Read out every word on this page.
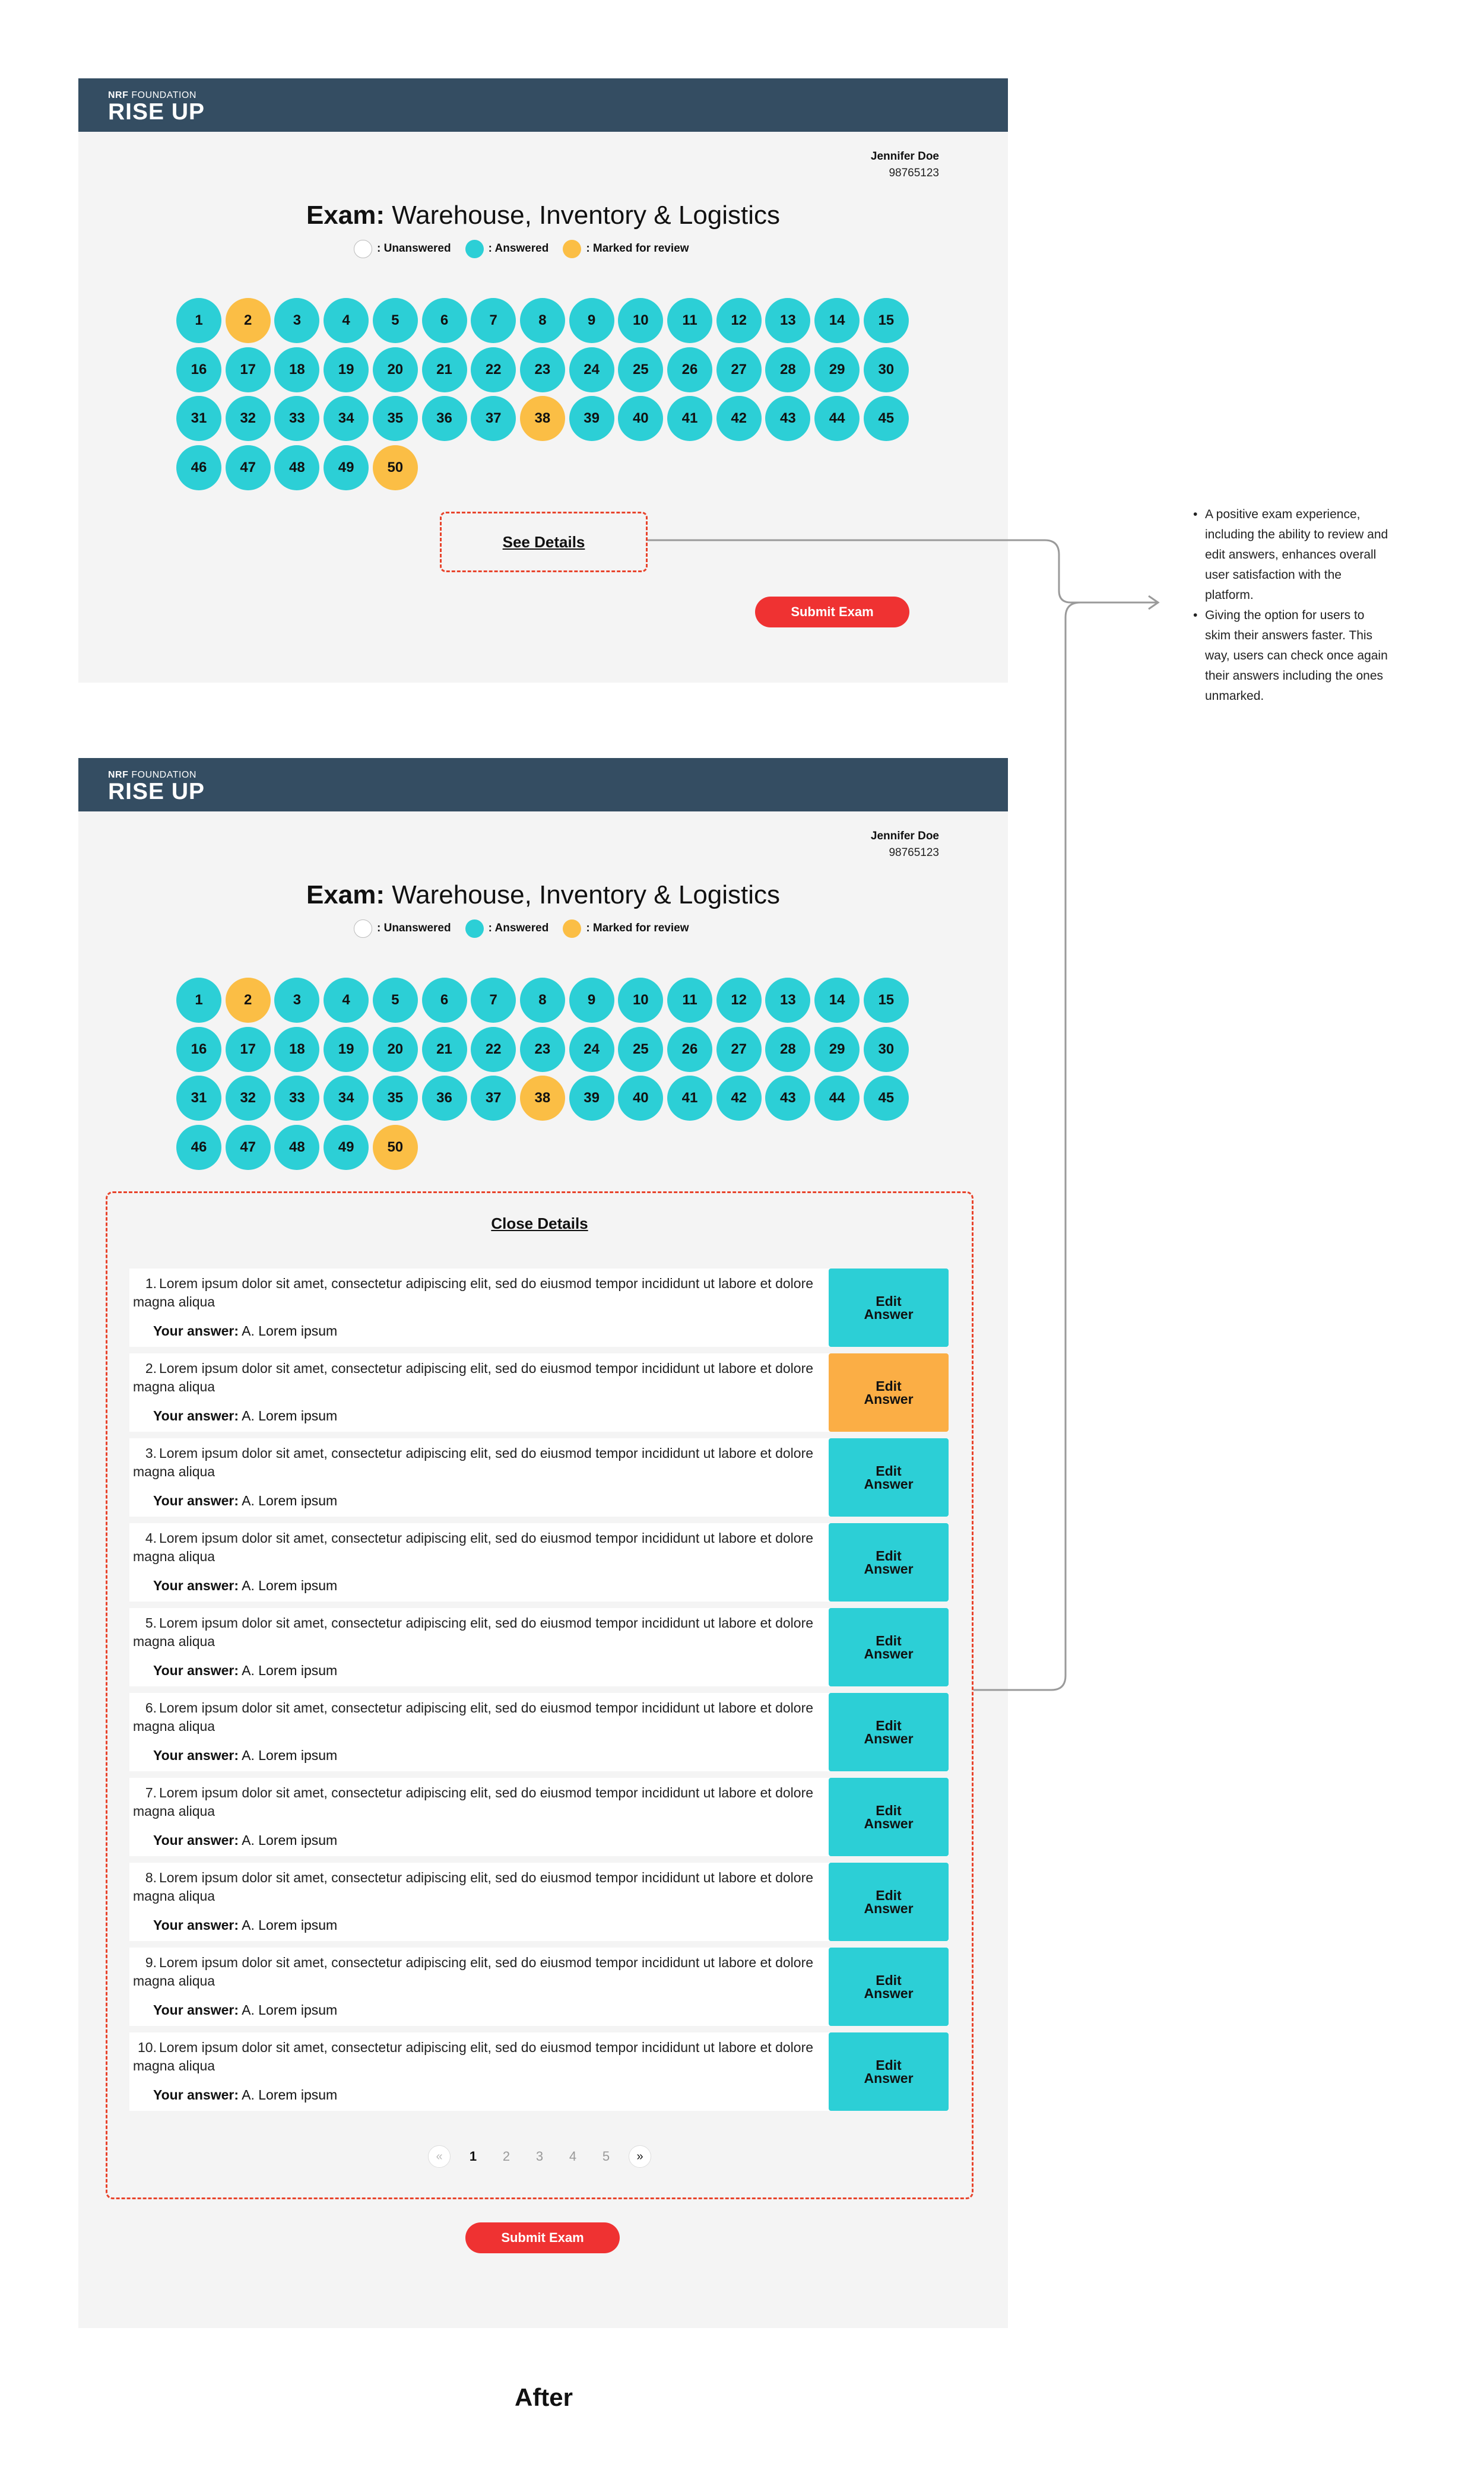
NRF FOUNDATION
RISE UP
Jennifer Doe
98765123
Exam: Warehouse, Inventory & Logistics
: Unanswered	: Answered	: Marked for review
1	2	3	4	5	6	7	8	9	10	11	12	13	14	15
16	17	18	19	20	21	22	23	24	25	26	27	28	29	30
31	32	33	34	35	36	37	38	39	40	41	42	43	44	45
46	47	48	49	50
See Details
Submit Exam
NRF FOUNDATION
RISE UP
Jennifer Doe
98765123
Exam: Warehouse, Inventory & Logistics
: Unanswered	: Answered	: Marked for review
1	2	3	4	5	6	7	8	9	10	11	12	13	14	15
16	17	18	19	20	21	22	23	24	25	26	27	28	29	30
31	32	33	34	35	36	37	38	39	40	41	42	43	44	45
46	47	48	49	50
Close Details
1. Lorem ipsum dolor sit amet, consectetur adipiscing elit, sed do eiusmod tempor incididunt ut labore et dolore magna aliqua
Your answer: A. Lorem ipsum
Edit
Answer
2. Lorem ipsum dolor sit amet, consectetur adipiscing elit, sed do eiusmod tempor incididunt ut labore et dolore magna aliqua
Your answer: A. Lorem ipsum
Edit
Answer
3. Lorem ipsum dolor sit amet, consectetur adipiscing elit, sed do eiusmod tempor incididunt ut labore et dolore magna aliqua
Your answer: A. Lorem ipsum
Edit
Answer
4. Lorem ipsum dolor sit amet, consectetur adipiscing elit, sed do eiusmod tempor incididunt ut labore et dolore magna aliqua
Your answer: A. Lorem ipsum
Edit
Answer
5. Lorem ipsum dolor sit amet, consectetur adipiscing elit, sed do eiusmod tempor incididunt ut labore et dolore magna aliqua
Your answer: A. Lorem ipsum
Edit
Answer
6. Lorem ipsum dolor sit amet, consectetur adipiscing elit, sed do eiusmod tempor incididunt ut labore et dolore magna aliqua
Your answer: A. Lorem ipsum
Edit
Answer
7. Lorem ipsum dolor sit amet, consectetur adipiscing elit, sed do eiusmod tempor incididunt ut labore et dolore magna aliqua
Your answer: A. Lorem ipsum
Edit
Answer
8. Lorem ipsum dolor sit amet, consectetur adipiscing elit, sed do eiusmod tempor incididunt ut labore et dolore magna aliqua
Your answer: A. Lorem ipsum
Edit
Answer
9. Lorem ipsum dolor sit amet, consectetur adipiscing elit, sed do eiusmod tempor incididunt ut labore et dolore magna aliqua
Your answer: A. Lorem ipsum
Edit
Answer
10. Lorem ipsum dolor sit amet, consectetur adipiscing elit, sed do eiusmod tempor incididunt ut labore et dolore magna aliqua
Your answer: A. Lorem ipsum
Edit
Answer
«	1	2	3	4	5	»
Submit Exam
• A positive exam experience, including the ability to review and edit answers, enhances overall user satisfaction with the platform.
• Giving the option for users to skim their answers faster. This way, users can check once again their answers including the ones unmarked.
After
